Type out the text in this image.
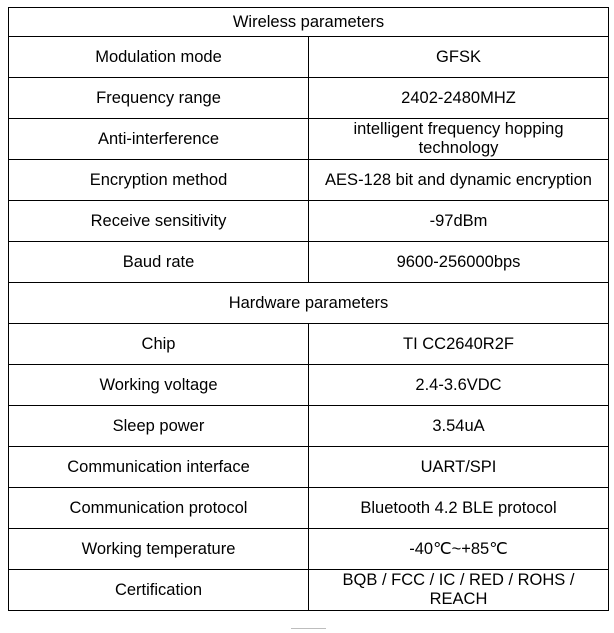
Wireless parameters	
Modulation mode	GFSK
Frequency range	2402-2480MHZ
Anti-interference	intelligent frequency hopping technology
Encryption method	AES-128 bit and dynamic encryption
Receive sensitivity	-97dBm
Baud rate	9600-256000bps
Hardware parameters	
Chip	TI CC2640R2F
Working voltage	2.4-3.6VDC
Sleep power	3.54uA
Communication interface	UART/SPI
Communication protocol	Bluetooth 4.2 BLE protocol
Working temperature	-40℃~+85℃
Certification	BQB / FCC / IC / RED / ROHS / REACH
